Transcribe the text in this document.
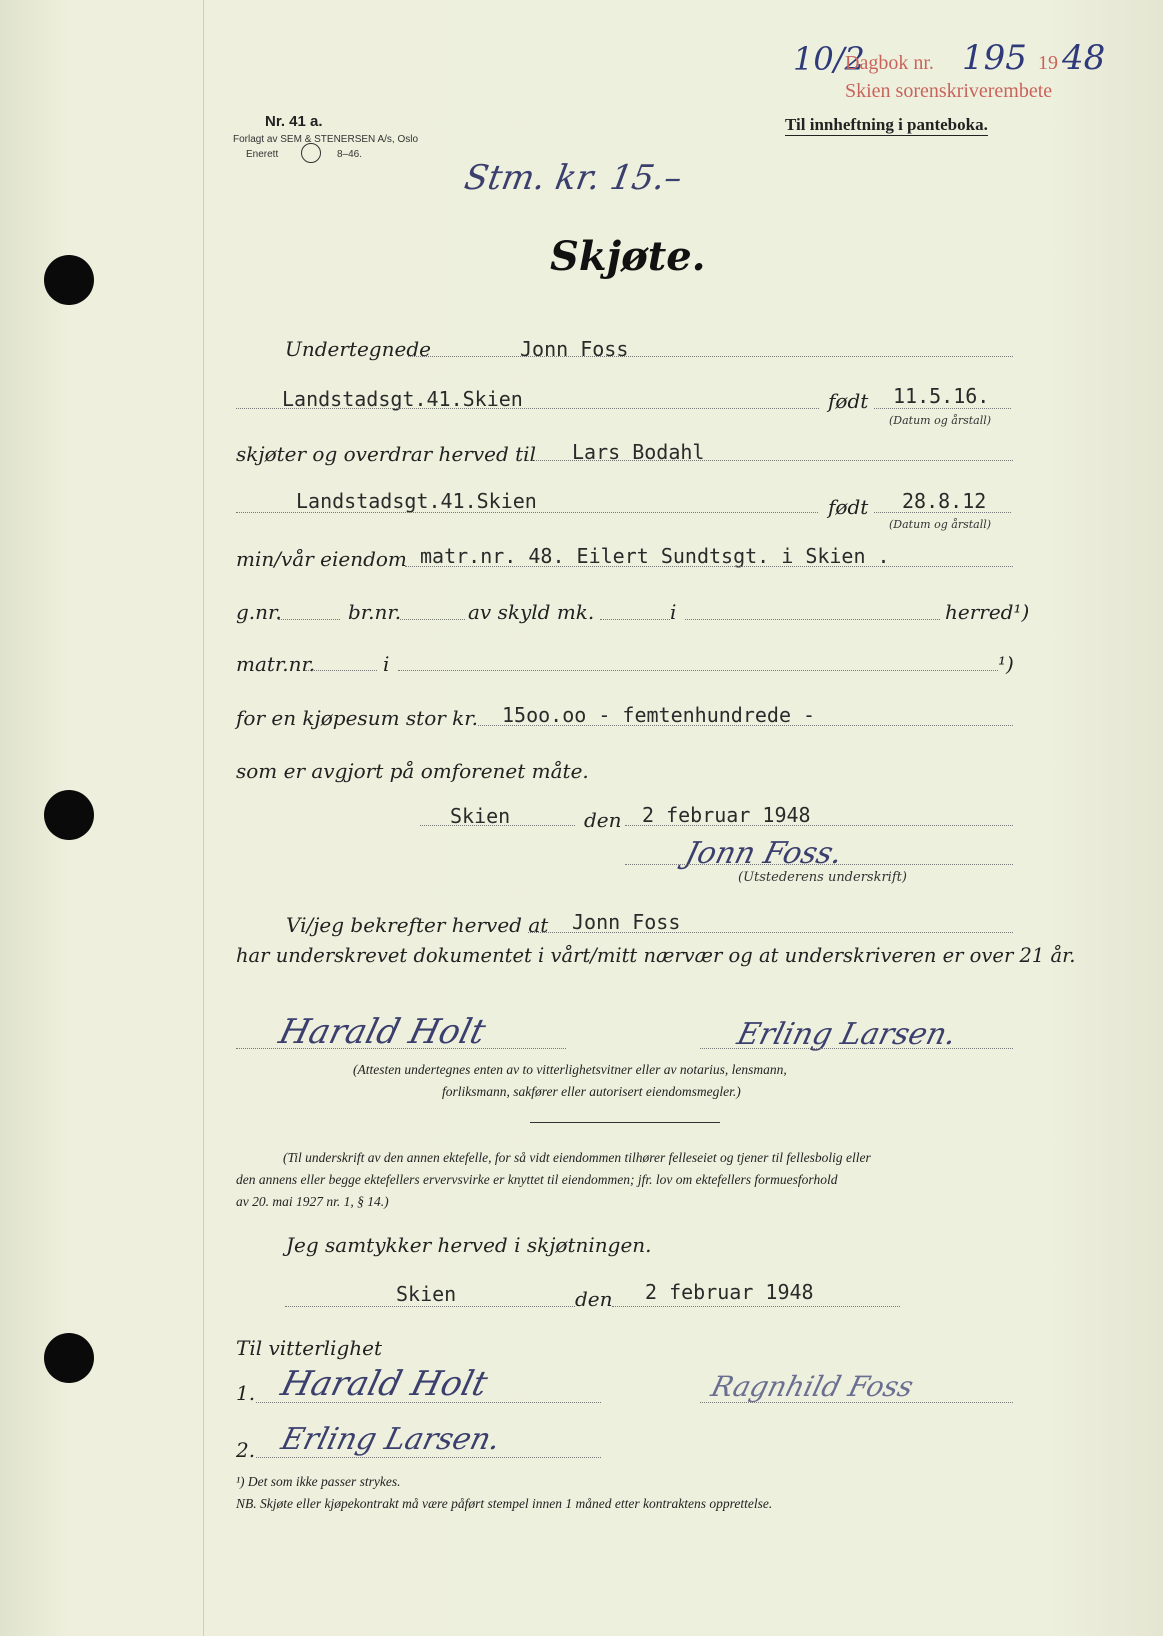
10/2
Dagbok nr. 195 19 48
Skien sorenskriverembete
Nr. 41 a.
Forlagt av SEM & STENERSEN A/s, Oslo
Enerett	8–46.
Til innheftning i panteboka.
Stm. kr. 15.–
Skjøte.
Undertegnede	Jonn Foss
Landstadsgt.41.Skien	født 11.5.16.
(Datum og årstall)
skjøter og overdrar herved til Lars Bodahl
Landstadsgt.41.Skien	født 28.8.12
(Datum og årstall)
min/vår eiendom matr.nr. 48. Eilert Sundtsgt. i Skien .
g.nr.	br.nr.	av skyld mk.	i	herred¹)
matr.nr.	i	¹)
for en kjøpesum stor kr. 15oo.oo - femtenhundrede -
som er avgjort på omforenet måte.
Skien	den 2 februar 1948
Jonn Foss.
(Utstederens underskrift)
Vi/jeg bekrefter herved at Jonn Foss
har underskrevet dokumentet i vårt/mitt nærvær og at underskriveren er over 21 år.
Harald Holt	Erling Larsen.
(Attesten undertegnes enten av to vitterlighetsvitner eller av notarius, lensmann,
forliksmann, sakfører eller autorisert eiendomsmegler.)
(Til underskrift av den annen ektefelle, for så vidt eiendommen tilhører felleseiet og tjener til fellesbolig eller
den annens eller begge ektefellers ervervsvirke er knyttet til eiendommen; jfr. lov om ektefellers formuesforhold
av 20. mai 1927 nr. 1, § 14.)
Jeg samtykker herved i skjøtningen.
Skien	den 2 februar 1948
Til vitterlighet
1. Harald Holt	Ragnhild Foss
2. Erling Larsen.
¹) Det som ikke passer strykes.
NB. Skjøte eller kjøpekontrakt må være påført stempel innen 1 måned etter kontraktens opprettelse.
